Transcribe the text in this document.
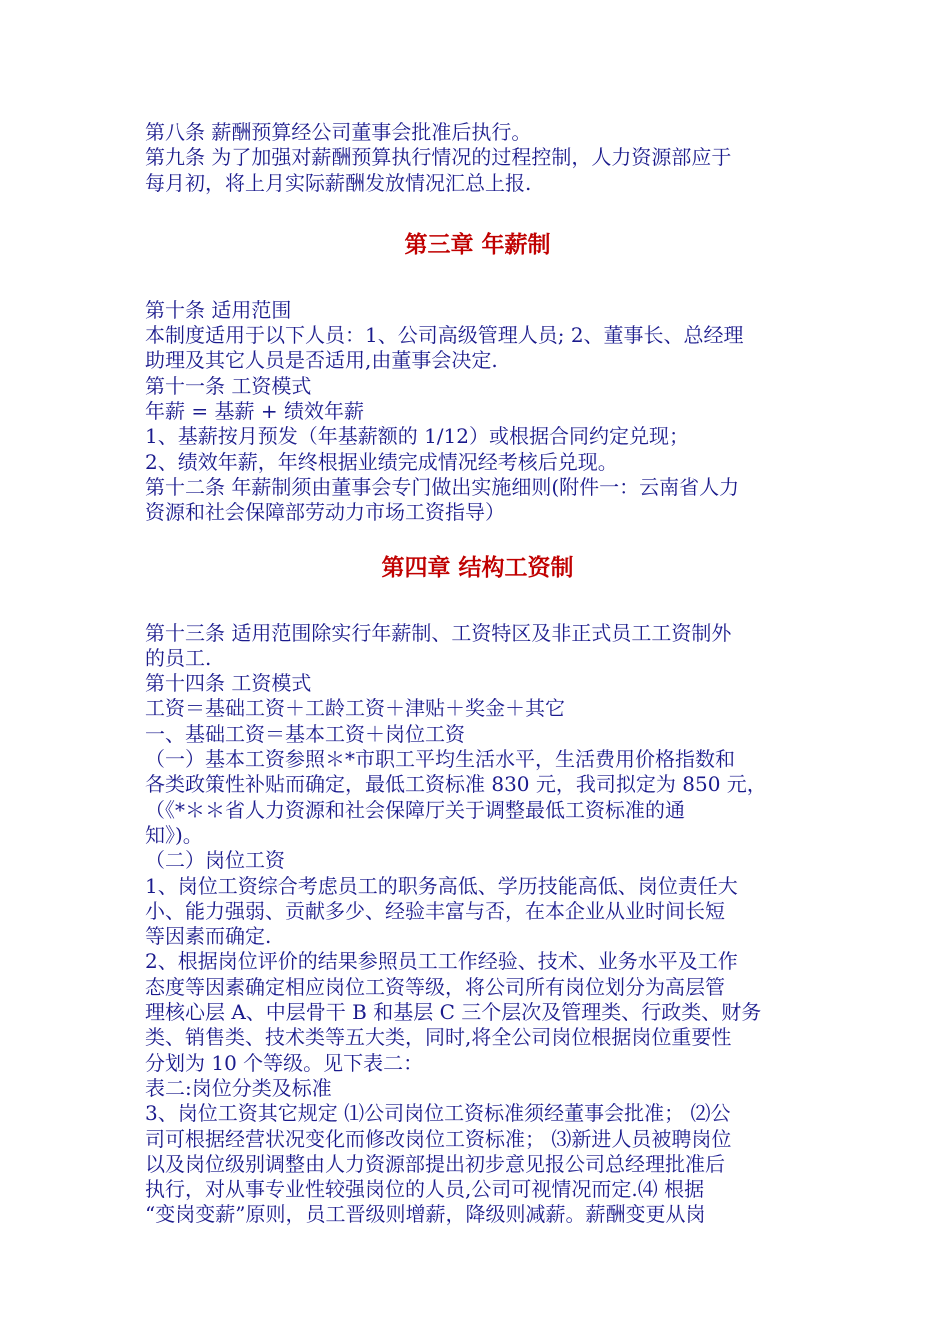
第八条 薪酬预算经公司董事会批准后执行。
第九条 为了加强对薪酬预算执行情况的过程控制，人力资源部应于
每月初，将上月实际薪酬发放情况汇总上报.
第三章 年薪制
第十条 适用范围
本制度适用于以下人员：1、公司高级管理人员; 2、董事长、总经理
助理及其它人员是否适用,由董事会决定.
第十一条 工资模式
年薪 = 基薪 + 绩效年薪
1、基薪按月预发（年基薪额的 1/12）或根据合同约定兑现；
2、绩效年薪，年终根据业绩完成情况经考核后兑现。
第十二条 年薪制须由董事会专门做出实施细则(附件一：云南省人力
资源和社会保障部劳动力市场工资指导）
第四章 结构工资制
第十三条 适用范围除实行年薪制、工资特区及非正式员工工资制外
的员工.
第十四条 工资模式
工资＝基础工资＋工龄工资＋津贴＋奖金＋其它
一、基础工资＝基本工资＋岗位工资
（一）基本工资参照＊*市职工平均生活水平，生活费用价格指数和
各类政策性补贴而确定，最低工资标准 830 元，我司拟定为 850 元，
（《*＊＊省人力资源和社会保障厅关于调整最低工资标准的通
知》)。
（二）岗位工资
1、岗位工资综合考虑员工的职务高低、学历技能高低、岗位责任大
小、能力强弱、贡献多少、经验丰富与否，在本企业从业时间长短
等因素而确定.
2、根据岗位评价的结果参照员工工作经验、技术、业务水平及工作
态度等因素确定相应岗位工资等级，将公司所有岗位划分为高层管
理核心层 A、中层骨干 B 和基层 C 三个层次及管理类、行政类、财务
类、销售类、技术类等五大类，同时,将全公司岗位根据岗位重要性
分划为 10 个等级。见下表二：
表二:岗位分类及标准
3、岗位工资其它规定 ⑴公司岗位工资标准须经董事会批准； ⑵公
司可根据经营状况变化而修改岗位工资标准； ⑶新进人员被聘岗位
以及岗位级别调整由人力资源部提出初步意见报公司总经理批准后
执行，对从事专业性较强岗位的人员,公司可视情况而定.⑷ 根据
“变岗变薪”原则，员工晋级则增薪，降级则减薪。薪酬变更从岗
